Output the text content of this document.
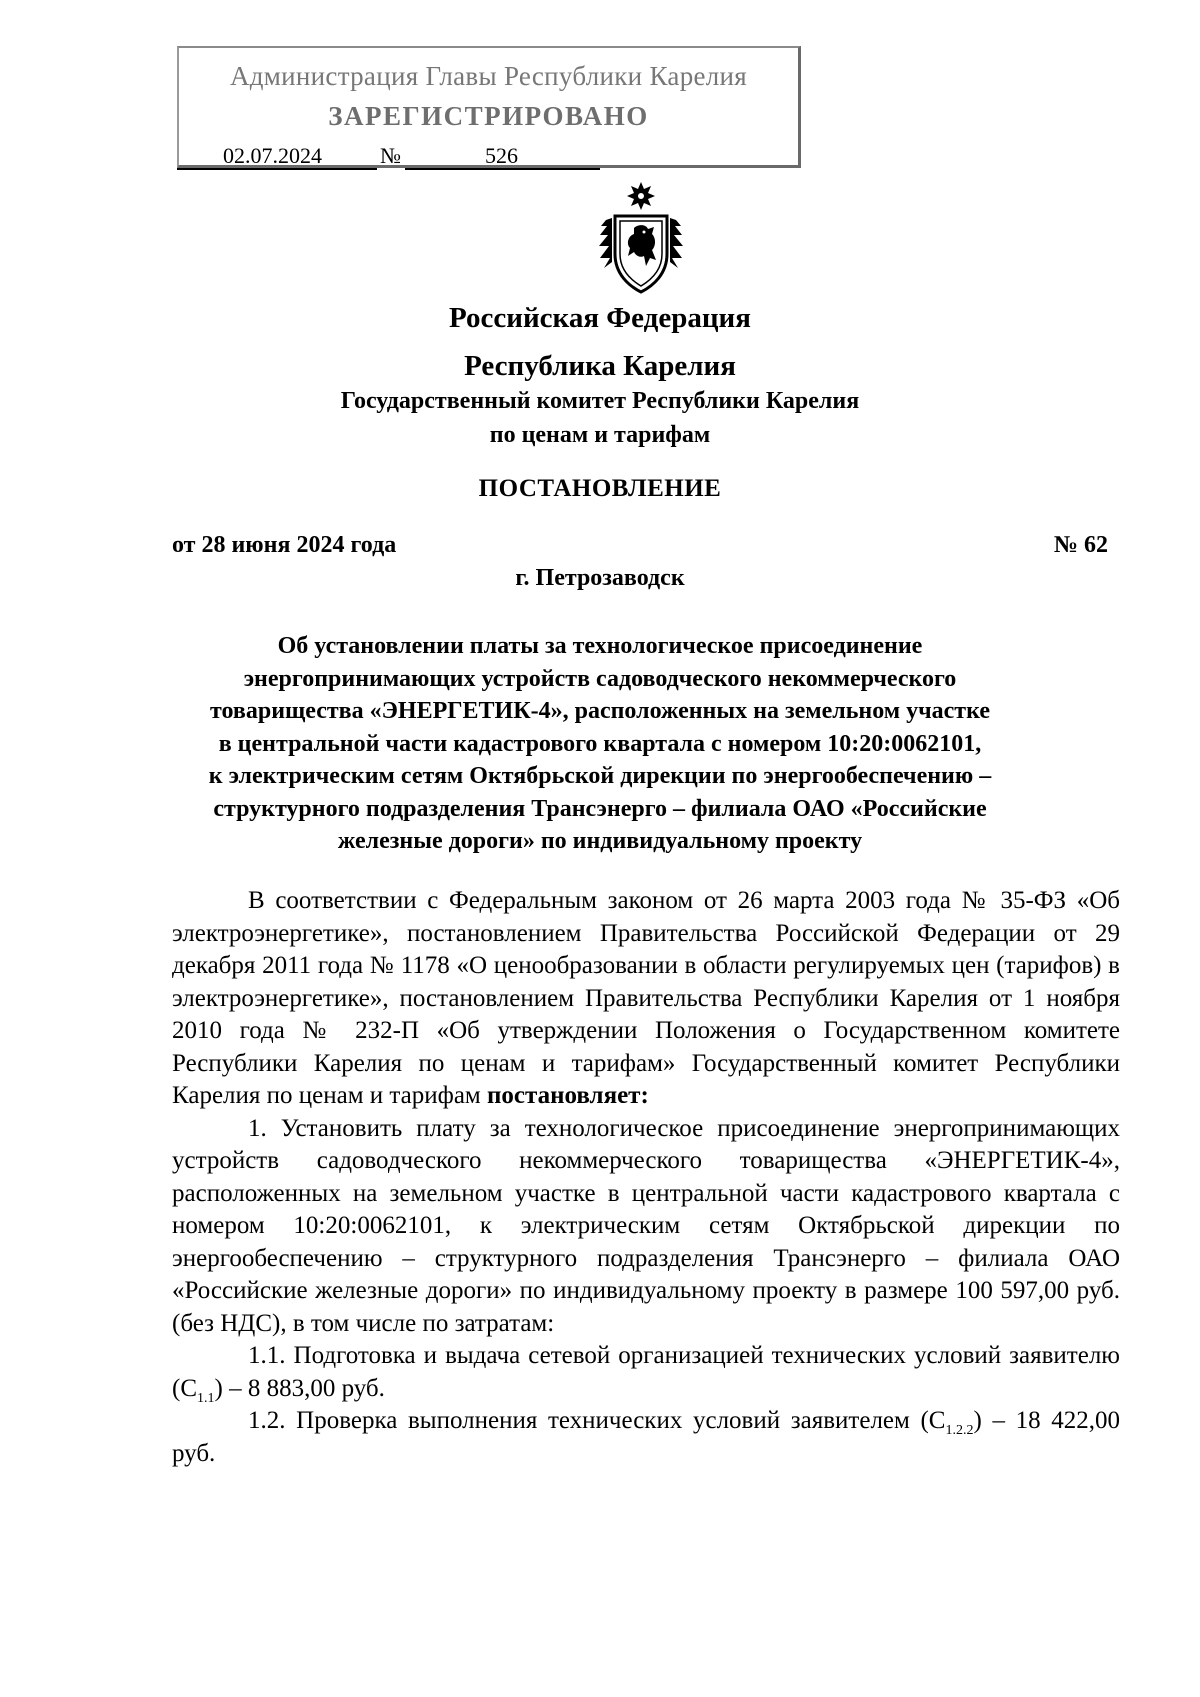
Администрация Главы Республики Карелия
ЗАРЕГИСТРИРОВАНО
02.07.2024	№	526
Российская Федерация
Республика Карелия
Государственный комитет Республики Карелия
по ценам и тарифам
ПОСТАНОВЛЕНИЕ
от 28 июня 2024 года	№ 62
г. Петрозаводск
Об установлении платы за технологическое присоединение
энергопринимающих устройств садоводческого некоммерческого
товарищества «ЭНЕРГЕТИК-4», расположенных на земельном участке
в центральной части кадастрового квартала с номером 10:20:0062101,
к электрическим сетям Октябрьской дирекции по энергообеспечению –
структурного подразделения Трансэнерго – филиала ОАО «Российские
железные дороги» по индивидуальному проекту

В соответствии с Федеральным законом от 26 марта 2003 года № 35-ФЗ «Об электроэнергетике», постановлением Правительства Российской Федерации от 29 декабря 2011 года № 1178 «О ценообразовании в области регулируемых цен (тарифов) в электроэнергетике», постановлением Правительства Республики Карелия от 1 ноября 2010 года № 232-П «Об утверждении Положения о Государственном комитете Республики Карелия по ценам и тарифам» Государственный комитет Республики Карелия по ценам и тарифам постановляет:

1. Установить плату за технологическое присоединение энергопринимающих устройств садоводческого некоммерческого товарищества «ЭНЕРГЕТИК-4», расположенных на земельном участке в центральной части кадастрового квартала с номером 10:20:0062101, к электрическим сетям Октябрьской дирекции по энергообеспечению – структурного подразделения Трансэнерго – филиала ОАО «Российские железные дороги» по индивидуальному проекту в размере 100 597,00 руб. (без НДС), в том числе по затратам:

1.1. Подготовка и выдача сетевой организацией технических условий заявителю $(С_{1.1}) - 8$ 883,00 руб.

1.2. Проверка выполнения технических условий заявителем $(С_{1.2.2}) - 18$ 422,00 руб.
